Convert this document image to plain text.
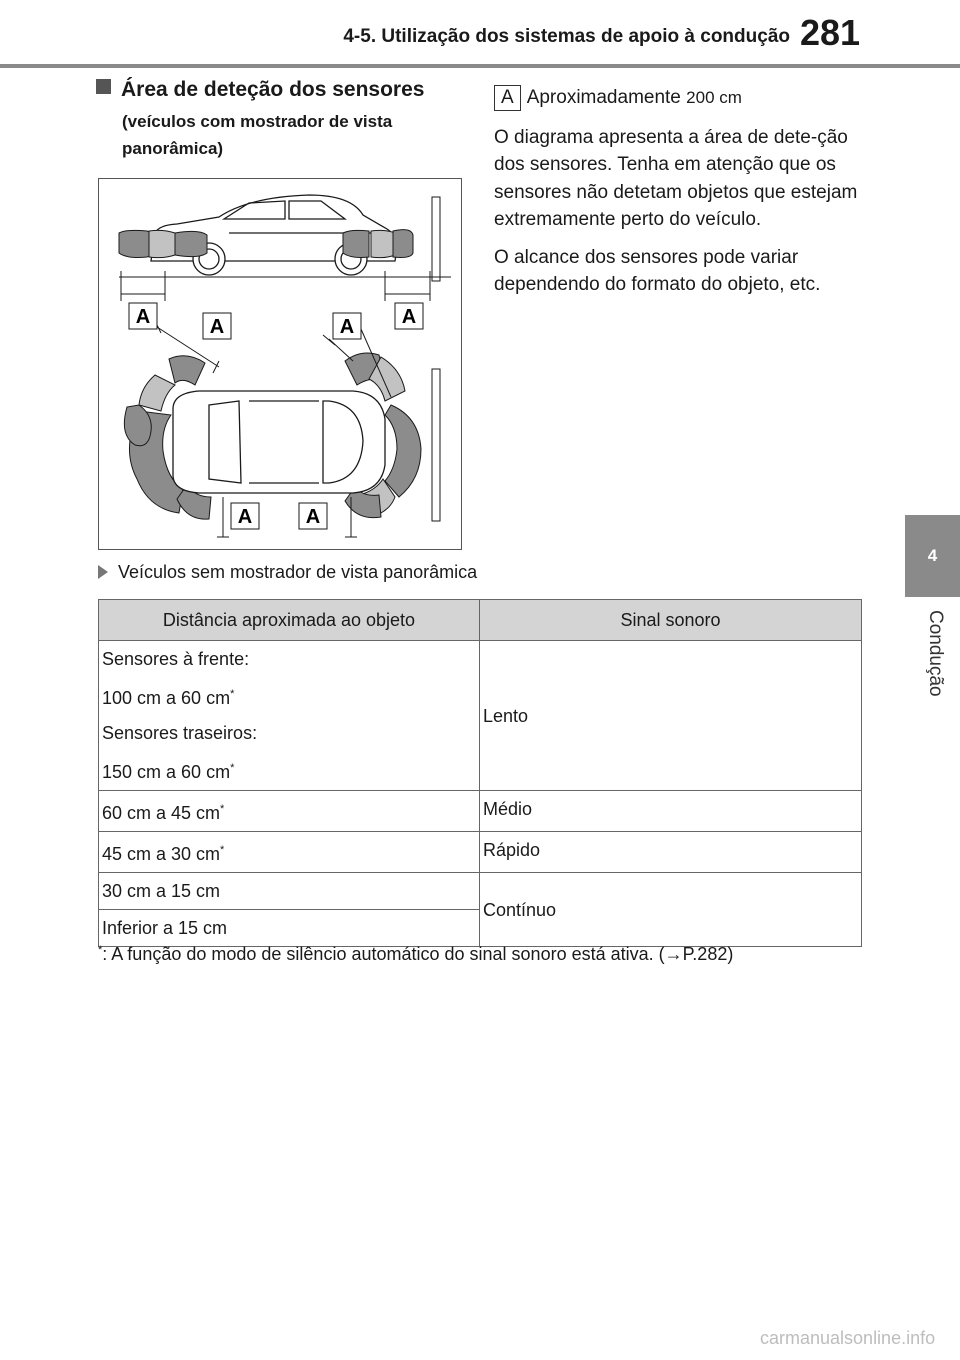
4-5. Utilização dos sistemas de apoio à condução 281
4
Condução
Área de deteção dos sensores
(veículos com mostrador de vista panorâmica)
A	A	A A
A	A
A Aproximadamente 200 cm

O diagrama apresenta a área de dete-ção dos sensores. Tenha em atenção que os sensores não detetam objetos que estejam extremamente perto do veículo.

O alcance dos sensores pode variar dependendo do formato do objeto, etc.

Veículos sem mostrador de vista panorâmica
Distância aproximada ao objeto	Sinal sonoro

Sensores à frente:
100 cm a 60 cm*
Sensores traseiros:
150 cm a 60 cm*	Lento
60 cm a 45 cm*	Médio
45 cm a 30 cm*	Rápido
30 cm a 15 cm	Contínuo
Inferior a 15 cm	
*: A função do modo de silêncio automático do sinal sonoro está ativa. (→P.282)
carmanualsonline.info
